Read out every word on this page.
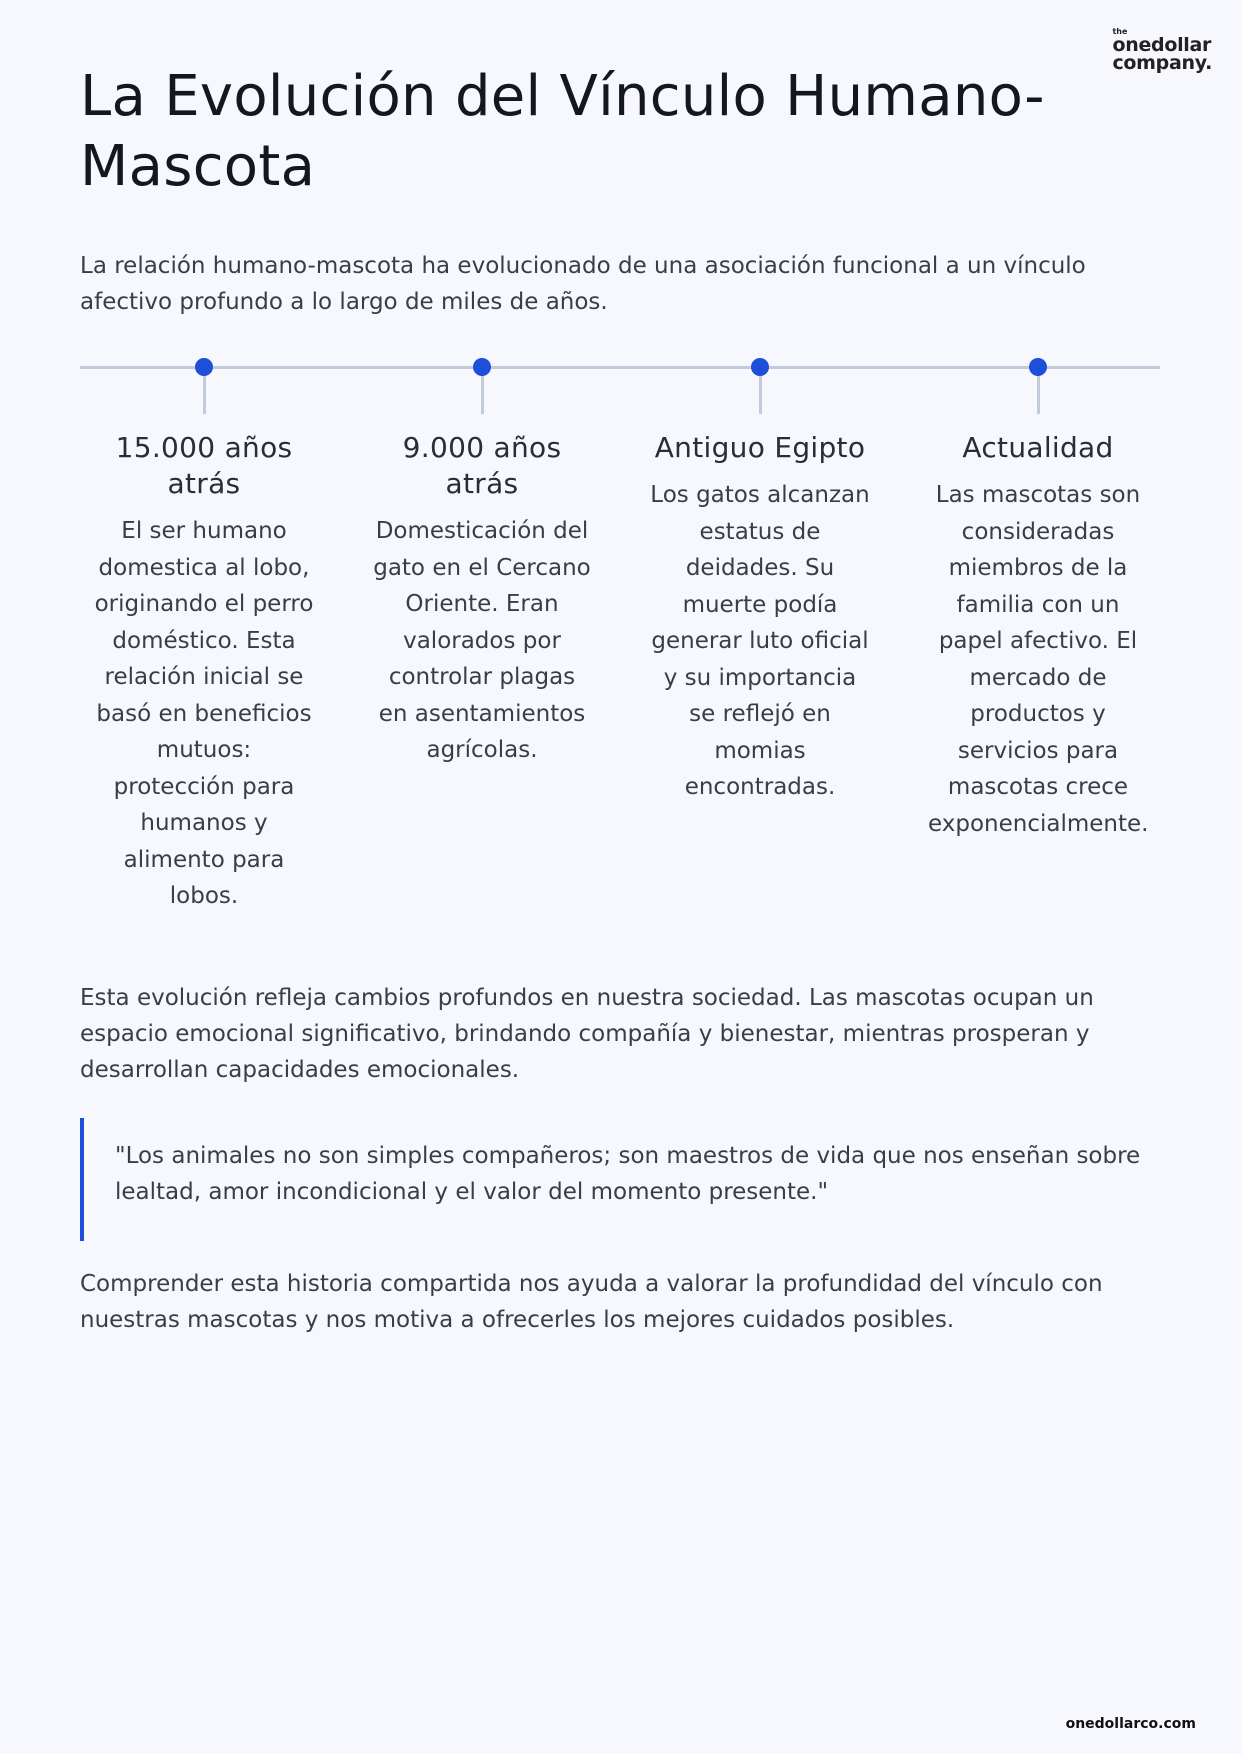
the
onedollar
company.
La Evolución del Vínculo Humano-Mascota

La relación humano-mascota ha evolucionado de una asociación funcional a un vínculo afectivo profundo a lo largo de miles de años.

15.000 años atrás

El ser humano domestica al lobo, originando el perro doméstico. Esta relación inicial se basó en beneficios mutuos: protección para humanos y alimento para lobos.

9.000 años atrás

Domesticación del gato en el Cercano Oriente. Eran valorados por controlar plagas en asentamientos agrícolas.

Antiguo Egipto

Los gatos alcanzan estatus de deidades. Su muerte podía generar luto oficial y su importancia se reflejó en momias encontradas.

Actualidad

Las mascotas son consideradas miembros de la familia con un papel afectivo. El mercado de productos y servicios para mascotas crece exponencialmente.

Esta evolución refleja cambios profundos en nuestra sociedad. Las mascotas ocupan un espacio emocional significativo, brindando compañía y bienestar, mientras prosperan y desarrollan capacidades emocionales.

"Los animales no son simples compañeros; son maestros de vida que nos enseñan sobre lealtad, amor incondicional y el valor del momento presente."

Comprender esta historia compartida nos ayuda a valorar la profundidad del vínculo con nuestras mascotas y nos motiva a ofrecerles los mejores cuidados posibles.

onedollarco.com
